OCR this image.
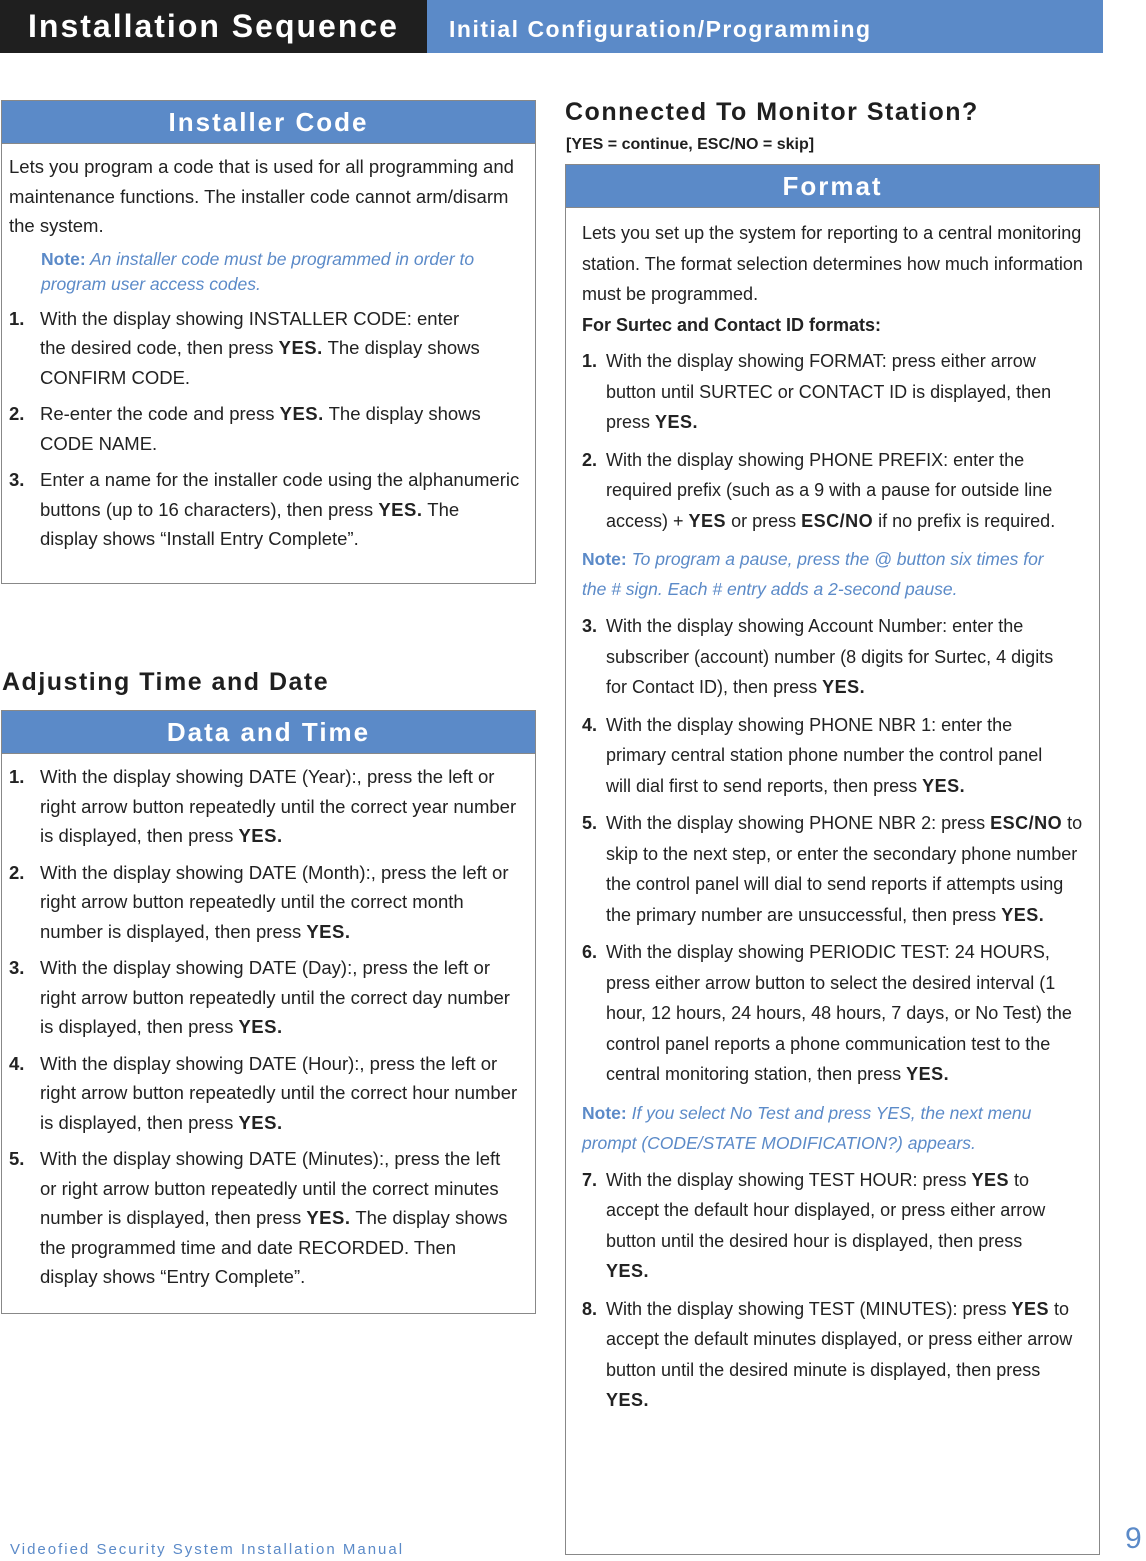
Installation Sequence	Initial Configuration/Programming
Installer Code

Lets you program a code that is used for all programming and maintenance functions. The installer code cannot arm/disarm the system.

Note: An installer code must be programmed in order to program user access codes.

1. With the display showing INSTALLER CODE: enter the desired code, then press YES. The display shows CONFIRM CODE.
2. Re-enter the code and press YES. The display shows CODE NAME.
3. Enter a name for the installer code using the alphanumeric buttons (up to 16 characters), then press YES. The display shows “Install Entry Complete”.
Adjusting Time and Date
Data and Time
1. With the display showing DATE (Year):, press the left or right arrow button repeatedly until the correct year number is displayed, then press YES.
2. With the display showing DATE (Month):, press the left or right arrow button repeatedly until the correct month number is displayed, then press YES.
3. With the display showing DATE (Day):, press the left or right arrow button repeatedly until the correct day number is displayed, then press YES.
4. With the display showing DATE (Hour):, press the left or right arrow button repeatedly until the correct hour number is displayed, then press YES.
5. With the display showing DATE (Minutes):, press the left or right arrow button repeatedly until the correct minutes number is displayed, then press YES. The display shows the programmed time and date RECORDED. Then display shows “Entry Complete”.
Connected To Monitor Station?
[YES = continue, ESC/NO = skip]
Format

Lets you set up the system for reporting to a central monitoring station. The format selection determines how much information must be programmed.

For Surtec and Contact ID formats:

1. With the display showing FORMAT: press either arrow button until SURTEC or CONTACT ID is displayed, then press YES.
2. With the display showing PHONE PREFIX: enter the required prefix (such as a 9 with a pause for outside line access) + YES or press ESC/NO if no prefix is required.

Note: To program a pause, press the @ button six times for the # sign. Each # entry adds a 2-second pause.

3. With the display showing Account Number: enter the subscriber (account) number (8 digits for Surtec, 4 digits for Contact ID), then press YES.
4. With the display showing PHONE NBR 1: enter the primary central station phone number the control panel will dial first to send reports, then press YES.
5. With the display showing PHONE NBR 2: press ESC/NO to skip to the next step, or enter the secondary phone number the control panel will dial to send reports if attempts using the primary number are unsuccessful, then press YES.
6. With the display showing PERIODIC TEST: 24 HOURS, press either arrow button to select the desired interval (1 hour, 12 hours, 24 hours, 48 hours, 7 days, or No Test) the control panel reports a phone communication test to the central monitoring station, then press YES.

Note: If you select No Test and press YES, the next menu prompt (CODE/STATE MODIFICATION?) appears.

7. With the display showing TEST HOUR: press YES to accept the default hour displayed, or press either arrow button until the desired hour is displayed, then press YES.
8. With the display showing TEST (MINUTES): press YES to accept the default minutes displayed, or press either arrow button until the desired minute is displayed, then press YES.
Videofied Security System Installation Manual	9
